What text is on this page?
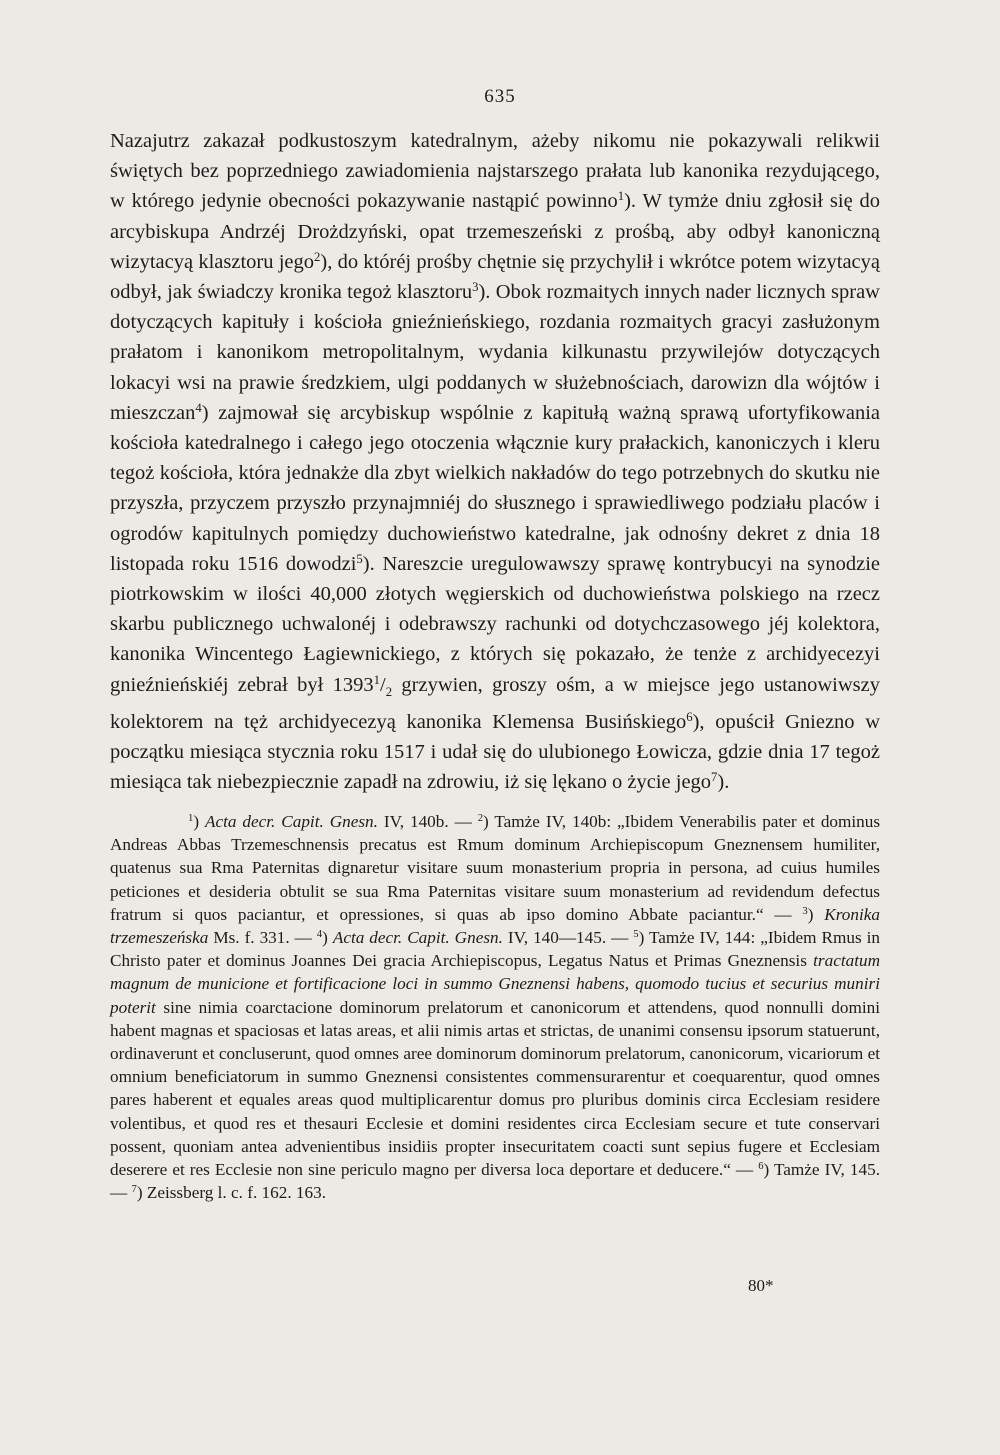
635

Nazajutrz zakazał podkustoszym katedralnym, ażeby nikomu nie pokazywali relikwii świętych bez poprzedniego zawiadomienia najstarszego prałata lub kanonika rezydującego, w którego jedynie obecności pokazywanie nastąpić powinno$^1$). W tymże dniu zgłosił się do arcybiskupa Andrzéj Drożdzyński, opat trzemeszeński z prośbą, aby odbył kanoniczną wizytacyą klasztoru jego$^2$), do któréj prośby chętnie się przychylił i wkrótce potem wizytacyą odbył, jak świadczy kronika tegoż klasztoru$^3$). Obok rozmaitych innych nader licznych spraw dotyczących kapituły i kościoła gnieźnieńskiego, rozdania rozmaitych gracyi zasłużonym prałatom i kanonikom metropolitalnym, wydania kilkunastu przywilejów dotyczących lokacyi wsi na prawie średzkiem, ulgi poddanych w służebnościach, darowizn dla wójtów i mieszczan$^4$) zajmował się arcybiskup wspólnie z kapitułą ważną sprawą ufortyfikowania kościoła katedralnego i całego jego otoczenia włącznie kury prałackich, kanoniczych i kleru tegoż kościoła, która jednakże dla zbyt wielkich nakładów do tego potrzebnych do skutku nie przyszła, przyczem przyszło przynajmniéj do słusznego i sprawiedliwego podziału placów i ogrodów kapitulnych pomiędzy duchowieństwo katedralne, jak odnośny dekret z dnia 18 listopada roku 1516 dowodzi$^5$). Nareszcie uregulowawszy sprawę kontrybucyi na synodzie piotrkowskim w ilości 40,000 złotych węgierskich od duchowieństwa polskiego na rzecz skarbu publicznego uchwalonéj i odebrawszy rachunki od dotychczasowego jéj kolektora, kanonika Wincentego Łagiewnickiego, z których się pokazało, że tenże z archidyecezyi gnieźnieńskiéj zebrał był $1393^1/_2$ grzywien, groszy ośm, a w miejsce jego ustanowiwszy kolektorem na tęż archidyecezyą kanonika Klemensa Busińskiego$^6$), opuścił Gniezno w początku miesiąca stycznia roku 1517 i udał się do ulubionego Łowicza, gdzie dnia 17 tegoż miesiąca tak niebezpiecznie zapadł na zdrowiu, iż się lękano o życie jego$^7$).

$^1$) Acta decr. Capit. Gnesn. IV, 140b. — $^2$) Tamże IV, 140b: „Ibidem Venerabilis pater et dominus Andreas Abbas Trzemeschnensis precatus est Rmum dominum Archiepiscopum Gneznensem humiliter, quatenus sua Rma Paternitas dignaretur visitare suum monasterium propria in persona, ad cuius humiles peticiones et desideria obtulit se sua Rma Paternitas visitare suum monasterium ad revidendum defectus fratrum si quos paciantur, et opressiones, si quas ab ipso domino Abbate paciantur.“ — $^3$) Kronika trzemeszeńska Ms. f. 331. — $^4$) Acta decr. Capit. Gnesn. IV, 140—145. — $^5$) Tamże IV, 144: „Ibidem Rmus in Christo pater et dominus Joannes Dei gracia Archiepiscopus, Legatus Natus et Primas Gneznensis tractatum magnum de municione et fortificacione loci in summo Gneznensi habens, quomodo tucius et securius muniri poterit sine nimia coarctacione dominorum prelatorum et canonicorum et attendens, quod nonnulli domini habent magnas et spaciosas et latas areas, et alii nimis artas et strictas, de unanimi consensu ipsorum statuerunt, ordinaverunt et concluserunt, quod omnes aree dominorum dominorum prelatorum, canonicorum, vicariorum et omnium beneficiatorum in summo Gneznensi consistentes commensurarentur et coequarentur, quod omnes pares haberent et equales areas quod multiplicarentur domus pro pluribus dominis circa Ecclesiam residere volentibus, et quod res et thesauri Ecclesie et domini residentes circa Ecclesiam secure et tute conservari possent, quoniam antea advenientibus insidiis propter insecuritatem coacti sunt sepius fugere et Ecclesiam deserere et res Ecclesie non sine periculo magno per diversa loca deportare et deducere.“ — $^6$) Tamże IV, 145. — $^7$) Zeissberg l. c. f. 162. 163.

80*
